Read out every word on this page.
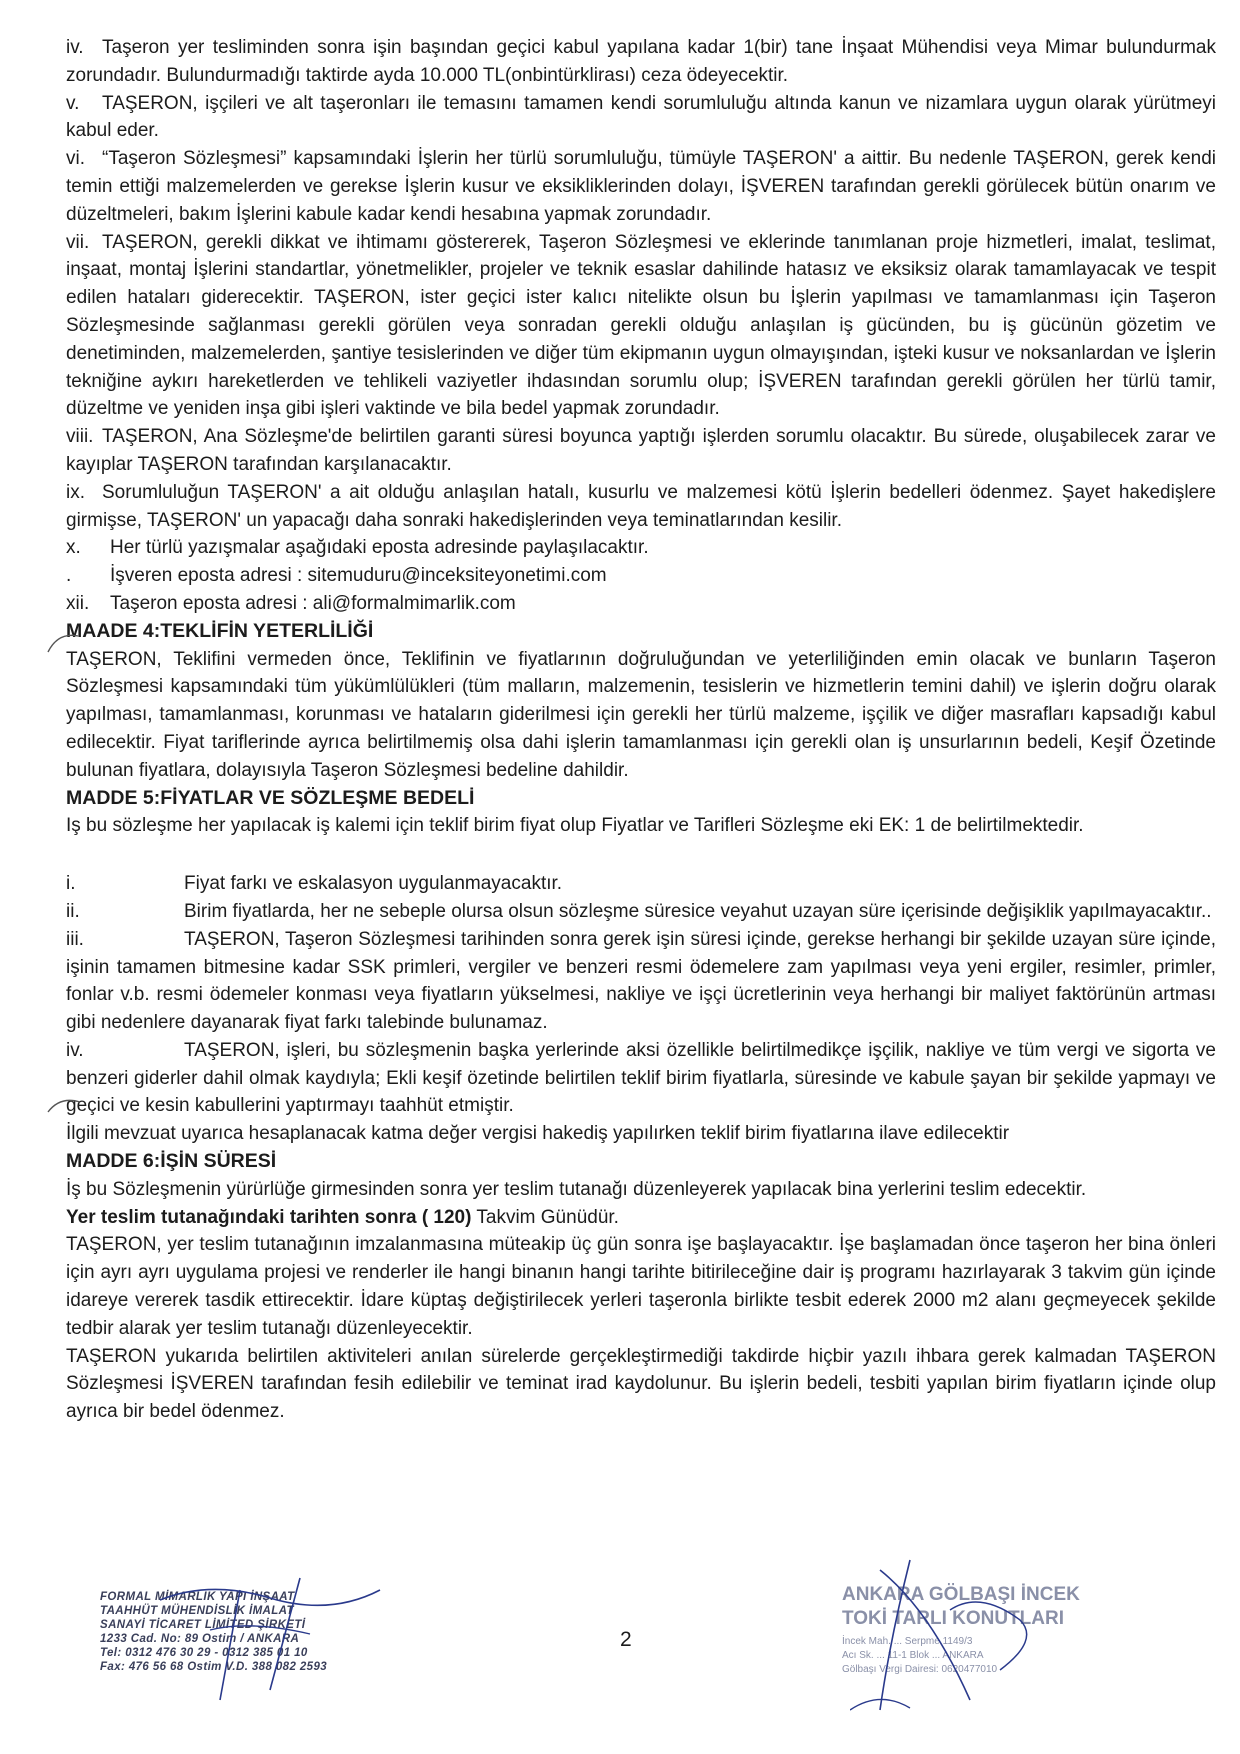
iv. Taşeron yer tesliminden sonra işin başından geçici kabul yapılana kadar 1(bir) tane İnşaat Mühendisi veya Mimar bulundurmak zorundadır. Bulundurmadığı taktirde ayda 10.000 TL(onbintürklirası) ceza ödeyecektir.

v. TAŞERON, işçileri ve alt taşeronları ile temasını tamamen kendi sorumluluğu altında kanun ve nizamlara uygun olarak yürütmeyi kabul eder.

vi. “Taşeron Sözleşmesi” kapsamındaki İşlerin her türlü sorumluluğu, tümüyle TAŞERON' a aittir. Bu nedenle TAŞERON, gerek kendi temin ettiği malzemelerden ve gerekse İşlerin kusur ve eksikliklerinden dolayı, İŞVEREN tarafından gerekli görülecek bütün onarım ve düzeltmeleri, bakım İşlerini kabule kadar kendi hesabına yapmak zorundadır.

vii. TAŞERON, gerekli dikkat ve ihtimamı göstererek, Taşeron Sözleşmesi ve eklerinde tanımlanan proje hizmetleri, imalat, teslimat, inşaat, montaj İşlerini standartlar, yönetmelikler, projeler ve teknik esaslar dahilinde hatasız ve eksiksiz olarak tamamlayacak ve tespit edilen hataları giderecektir. TAŞERON, ister geçici ister kalıcı nitelikte olsun bu İşlerin yapılması ve tamamlanması için Taşeron Sözleşmesinde sağlanması gerekli görülen veya sonradan gerekli olduğu anlaşılan iş gücünden, bu iş gücünün gözetim ve denetiminden, malzemelerden, şantiye tesislerinden ve diğer tüm ekipmanın uygun olmayışından, işteki kusur ve noksanlardan ve İşlerin tekniğine aykırı hareketlerden ve tehlikeli vaziyetler ihdasından sorumlu olup; İŞVEREN tarafından gerekli görülen her türlü tamir, düzeltme ve yeniden inşa gibi işleri vaktinde ve bila bedel yapmak zorundadır.

viii. TAŞERON, Ana Sözleşme'de belirtilen garanti süresi boyunca yaptığı işlerden sorumlu olacaktır. Bu sürede, oluşabilecek zarar ve kayıplar TAŞERON tarafından karşılanacaktır.

ix. Sorumluluğun TAŞERON' a ait olduğu anlaşılan hatalı, kusurlu ve malzemesi kötü İşlerin bedelleri ödenmez. Şayet hakedişlere girmişse, TAŞERON' un yapacağı daha sonraki hakedişlerinden veya teminatlarından kesilir.

x. Her türlü yazışmalar aşağıdaki eposta adresinde paylaşılacaktır.

. İşveren eposta adresi : sitemuduru@inceksiteyonetimi.com

xii. Taşeron eposta adresi : ali@formalmimarlik.com

MAADE 4:TEKLİFİN YETERLİLİĞİ

TAŞERON, Teklifini vermeden önce, Teklifinin ve fiyatlarının doğruluğundan ve yeterliliğinden emin olacak ve bunların Taşeron Sözleşmesi kapsamındaki tüm yükümlülükleri (tüm malların, malzemenin, tesislerin ve hizmetlerin temini dahil) ve işlerin doğru olarak yapılması, tamamlanması, korunması ve hataların giderilmesi için gerekli her türlü malzeme, işçilik ve diğer masrafları kapsadığı kabul edilecektir. Fiyat tariflerinde ayrıca belirtilmemiş olsa dahi işlerin tamamlanması için gerekli olan iş unsurlarının bedeli, Keşif Özetinde bulunan fiyatlara, dolayısıyla Taşeron Sözleşmesi bedeline dahildir.

MADDE 5:FİYATLAR VE SÖZLEŞME BEDELİ

Iş bu sözleşme her yapılacak iş kalemi için teklif birim fiyat olup Fiyatlar ve Tarifleri Sözleşme eki EK: 1 de belirtilmektedir.

i.	Fiyat farkı ve eskalasyon uygulanmayacaktır.

ii.	Birim fiyatlarda, her ne sebeple olursa olsun sözleşme süresice veyahut uzayan süre içerisinde değişiklik yapılmayacaktır..

iii.	TAŞERON, Taşeron Sözleşmesi tarihinden sonra gerek işin süresi içinde, gerekse herhangi bir şekilde uzayan süre içinde, işinin tamamen bitmesine kadar SSK primleri, vergiler ve benzeri resmi ödemelere zam yapılması veya yeni ergiler, resimler, primler, fonlar v.b. resmi ödemeler konması veya fiyatların yükselmesi, nakliye ve işçi ücretlerinin veya herhangi bir maliyet faktörünün artması gibi nedenlere dayanarak fiyat farkı talebinde bulunamaz.

iv.	TAŞERON, işleri, bu sözleşmenin başka yerlerinde aksi özellikle belirtilmedikçe işçilik, nakliye ve tüm vergi ve sigorta ve benzeri giderler dahil olmak kaydıyla; Ekli keşif özetinde belirtilen teklif birim fiyatlarla, süresinde ve kabule şayan bir şekilde yapmayı ve geçici ve kesin kabullerini yaptırmayı taahhüt etmiştir.

İlgili mevzuat uyarıca hesaplanacak katma değer vergisi hakediş yapılırken teklif birim fiyatlarına ilave edilecektir

MADDE 6:İŞİN SÜRESİ

İş bu Sözleşmenin yürürlüğe girmesinden sonra yer teslim tutanağı düzenleyerek yapılacak bina yerlerini teslim edecektir.

Yer teslim tutanağındaki tarihten sonra ( 120) Takvim Günüdür.

TAŞERON, yer teslim tutanağının imzalanmasına müteakip üç gün sonra işe başlayacaktır. İşe başlamadan önce taşeron her bina önleri için ayrı ayrı uygulama projesi ve renderler ile hangi binanın hangi tarihte bitirileceğine dair iş programı hazırlayarak 3 takvim gün içinde idareye vererek tasdik ettirecektir. İdare küptaş değiştirilecek yerleri taşeronla birlikte tesbit ederek 2000 m2 alanı geçmeyecek şekilde tedbir alarak yer teslim tutanağı düzenleyecektir.

TAŞERON yukarıda belirtilen aktiviteleri anılan sürelerde gerçekleştirmediği takdirde hiçbir yazılı ihbara gerek kalmadan TAŞERON Sözleşmesi İŞVEREN tarafından fesih edilebilir ve teminat irad kaydolunur. Bu işlerin bedeli, tesbiti yapılan birim fiyatların içinde olup ayrıca bir bedel ödenmez.

FORMAL MİMARLIK YAPI İNŞAAT
TAAHHÜT MÜHENDİSLİK İMALAT
SANAYİ TİCARET LİMİTED ŞİRKETİ
1233 Cad. No: 89 Ostim / ANKARA
Tel: 0312 476 30 29 - 0312 385 01 10
Fax: 476 56 68 Ostim V.D. 388 082 2593
2
ANKARA GÖLBAŞI İNCEK
TOKİ TARLI KONUTLARI
İncek Mah. ... Serpme 1149/3
Acı Sk. ... 11-1 Blok ... ANKARA
Gölbaşı Vergi Dairesi: 0620477010
